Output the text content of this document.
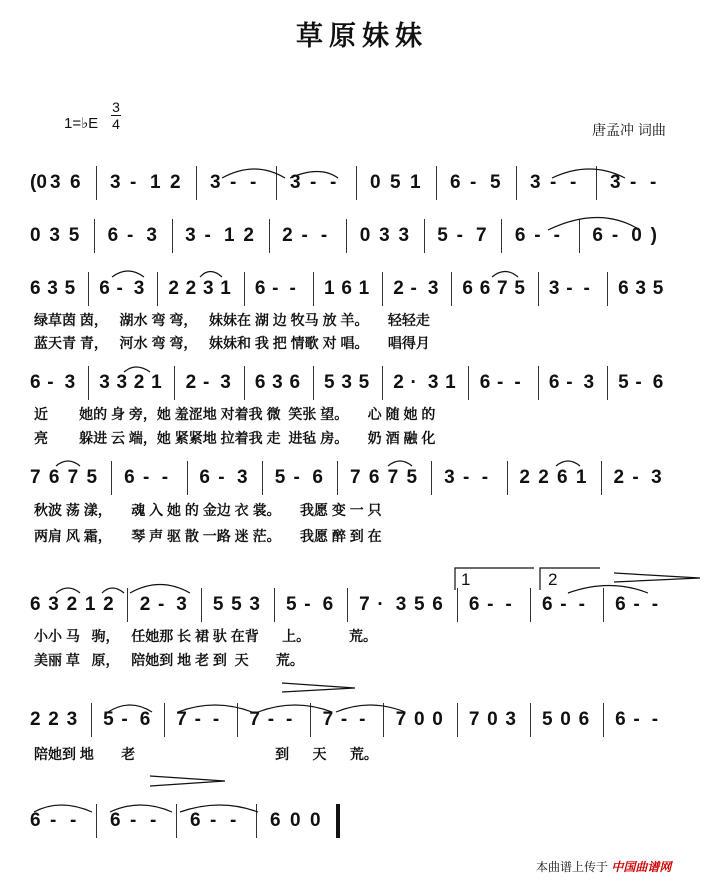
草原妹妹
1=♭E
3
4	唐孟冲 词曲
(0 3 6 3 - 1 2 3 - - 3 - - 0 5 1 6 - 5 3 - - 3 - -
0 3 5 6 - 3 3 - 1 2 2 - - 0 3 3 5 - 7 6 - - 6 - 0 )
6 3 5 6 - 3 2 2 3 1 6 - - 1 6 1 2 - 3 6 6 7 5 3 - - 6 3 5
6 - 3 3 3 2 1 2 - 3 6 3 6 5 3 5 2 · 3 1 6 - - 6 - 3 5 - 6
7 6 7 5 6 - - 6 - 3 5 - 6 7 6 7 5 3 - - 2 2 6 1 2 - 3
6 3 2 1 2 2 - 3 5 5 3 5 - 6 7 · 3 5 6 6 - - 6 - - 6 - -
2 2 3 5 - 6 7 - - 7 - - 7 - - 7 0 0 7 0 3 5 0 6 6 - -
6 - - 6 - - 6 - - 6 0 0
绿草茵 茵，   湖水 弯 弯，   妹妹在 湖 边 牧马 放 羊。     轻轻走
蓝天青 青，   河水 弯 弯，   妹妹和 我 把 情歌 对 唱。     唱得月
近        她的 身 旁，她 羞涩地 对着我 微  笑张 望。     心 随 她 的
亮        躲进 云 端，她 紧紧地 拉着我 走  进毡 房。     奶 酒 融 化
秋波 荡 漾，     魂 入 她 的 金边 衣 裳。     我愿 变 一 只
两肩 风 霜，     琴 声 驱 散 一路 迷 茫。     我愿 醉 到 在
小小 马   驹，   任她那 长 裙 驮 在背      上。          荒。
美丽 草   原，   陪她到 地 老 到  天       荒。
陪她到 地       老                                    到      天      荒。
1	2
本曲谱上传于 中国曲谱网
